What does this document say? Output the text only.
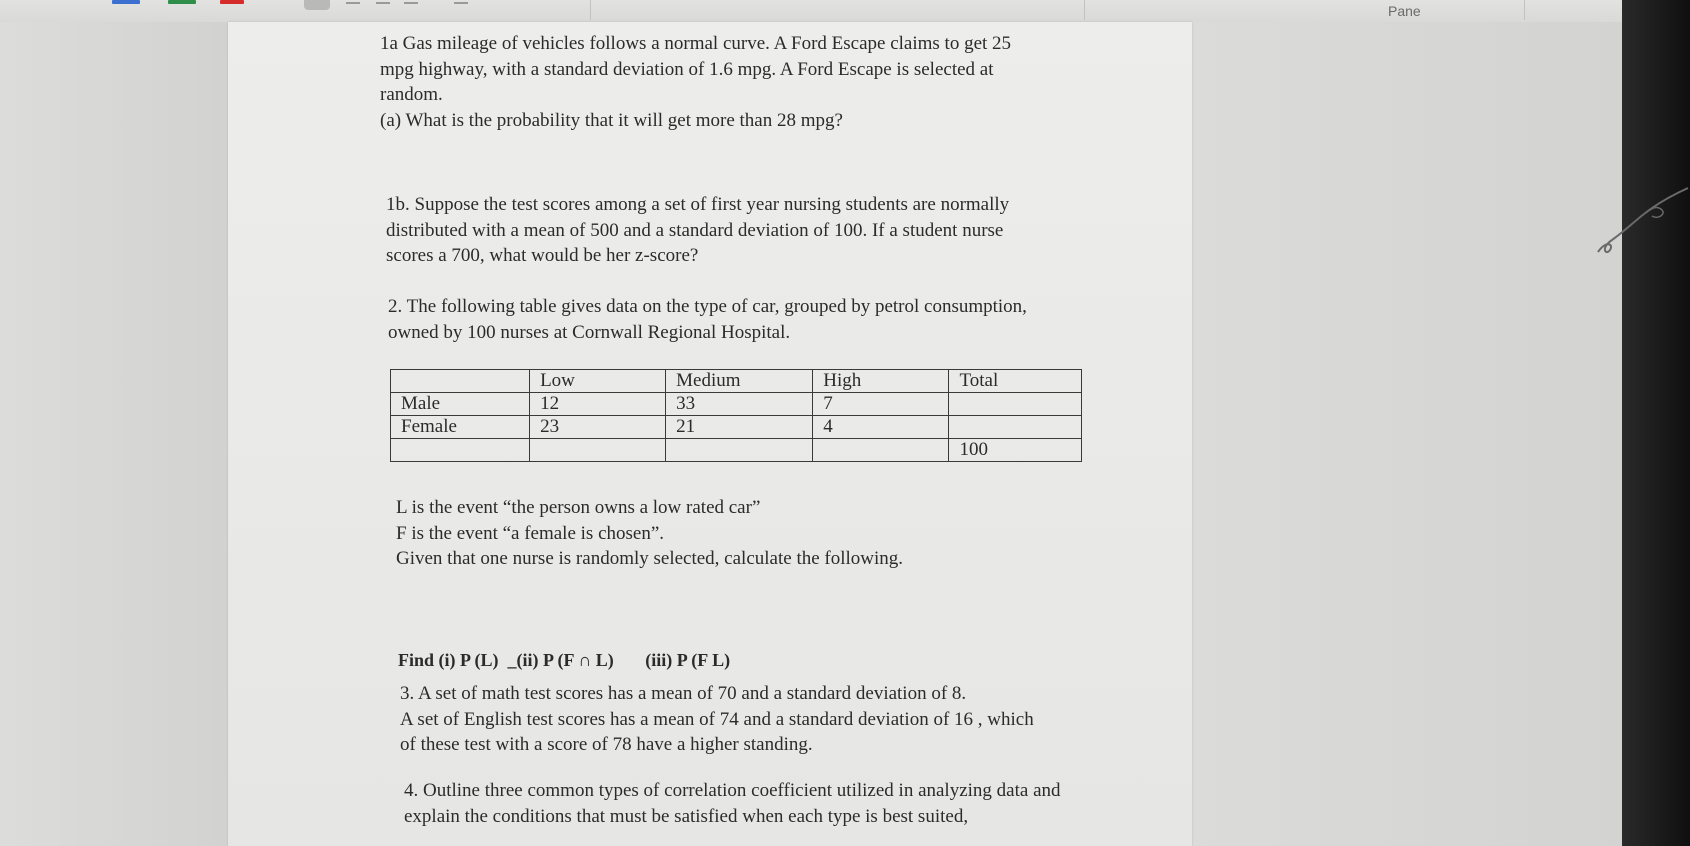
Pane

1a Gas mileage of vehicles follows a normal curve. A Ford Escape claims to get 25

mpg highway, with a standard deviation of 1.6 mpg. A Ford Escape is selected at

random.

(a) What is the probability that it will get more than 28 mpg?

1b. Suppose the test scores among a set of first year nursing students are normally

distributed with a mean of 500 and a standard deviation of 100. If a student nurse

scores a 700, what would be her z-score?

2. The following table gives data on the type of car, grouped by petrol consumption,

owned by 100 nurses at Cornwall Regional Hospital.

	Low	Medium	High	Total
Male	12	33	7	
Female	23	21	4	
				100

L is the event “the person owns a low rated car”

F is the event “a female is chosen”.

Given that one nurse is randomly selected, calculate the following.

Find (i) P (L)  _(ii) P (F ∩ L)       (iii) P (F L)

3. A set of math test scores has a mean of 70 and a standard deviation of 8.

A set of English test scores has a mean of 74 and a standard deviation of 16 , which

of these test with a score of 78 have a higher standing.

4. Outline three common types of correlation coefficient utilized in analyzing data and

explain the conditions that must be satisfied when each type is best suited,
